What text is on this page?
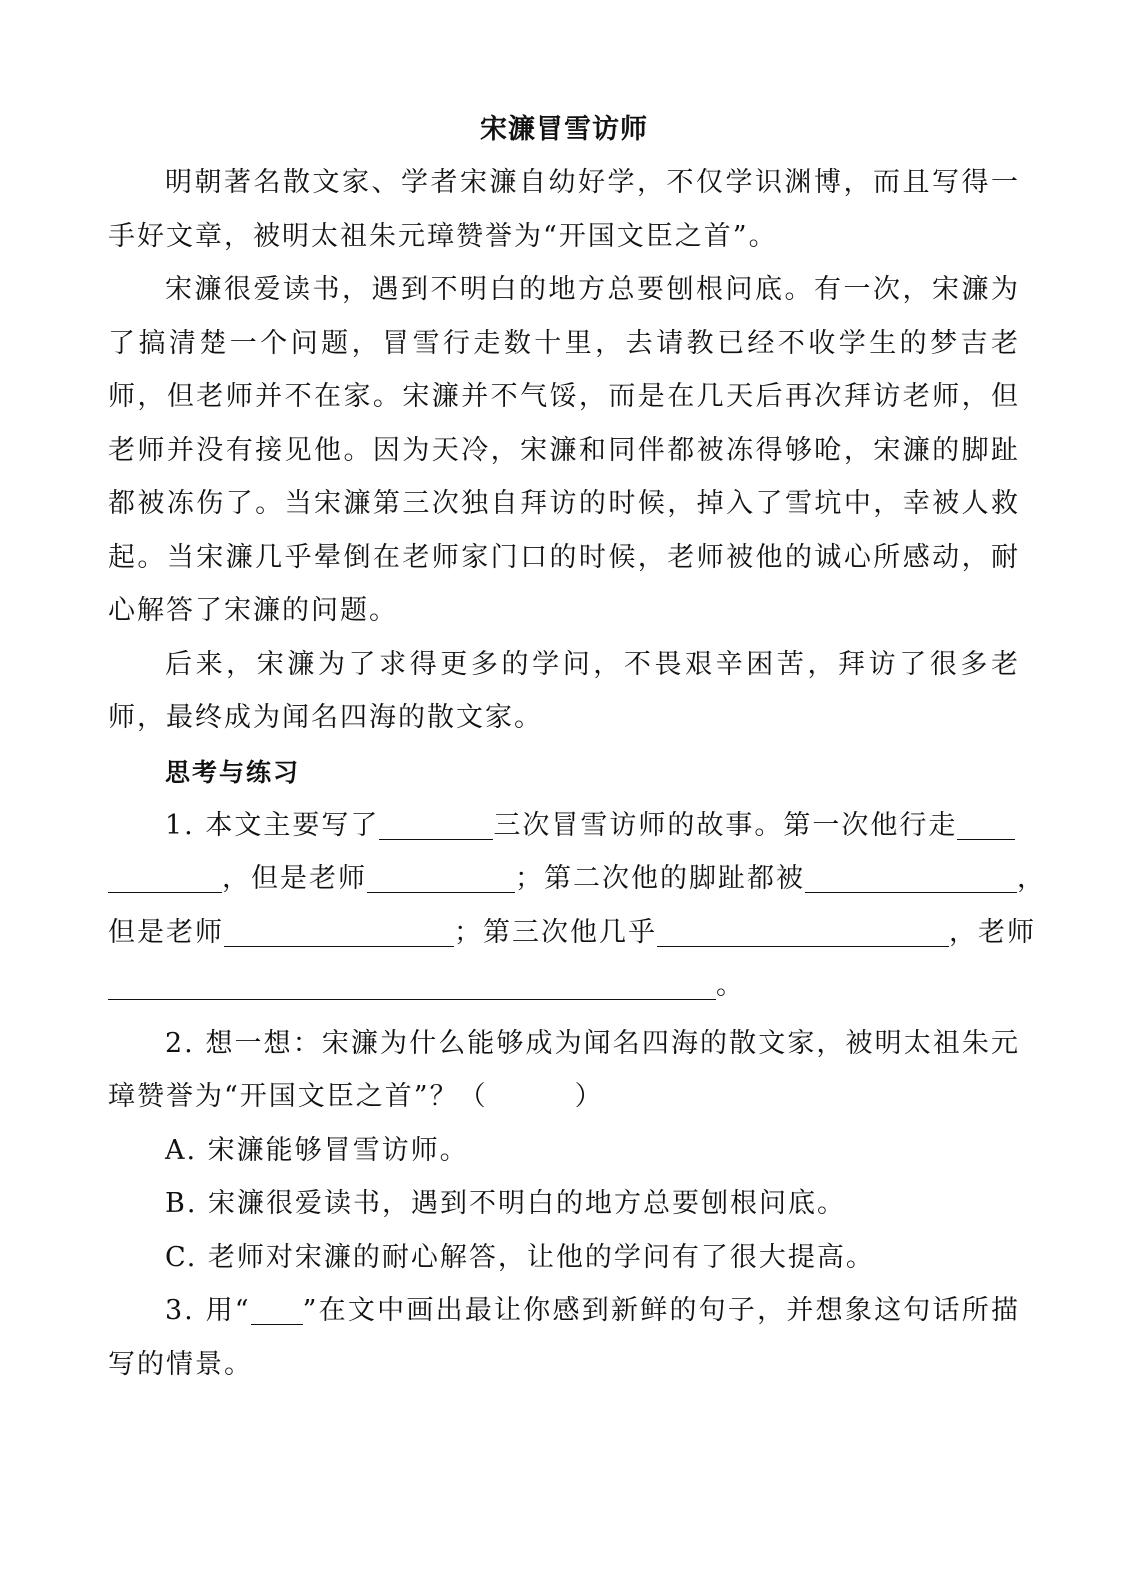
宋濂冒雪访师

明朝著名散文家、学者宋濂自幼好学，不仅学识渊博，而且写得一手好文章，被明太祖朱元璋赞誉为“开国文臣之首”。

宋濂很爱读书，遇到不明白的地方总要刨根问底。有一次，宋濂为了搞清楚一个问题，冒雪行走数十里，去请教已经不收学生的梦吉老师，但老师并不在家。宋濂并不气馁，而是在几天后再次拜访老师，但老师并没有接见他。因为天冷，宋濂和同伴都被冻得够呛，宋濂的脚趾都被冻伤了。当宋濂第三次独自拜访的时候，掉入了雪坑中，幸被人救起。当宋濂几乎晕倒在老师家门口的时候，老师被他的诚心所感动，耐心解答了宋濂的问题。

后来，宋濂为了求得更多的学问，不畏艰辛困苦，拜访了很多老师，最终成为闻名四海的散文家。

思考与练习
1. 本文主要写了	三次冒雪访师的故事。第一次他行走
，但是老师	；第二次他的脚趾都被	，
但是老师	；第三次他几乎	，老师
。

2. 想一想：宋濂为什么能够成为闻名四海的散文家，被明太祖朱元璋赞誉为“开国文臣之首”？（　　　）

A. 宋濂能够冒雪访师。

B. 宋濂很爱读书，遇到不明白的地方总要刨根问底。

C. 老师对宋濂的耐心解答，让他的学问有了很大提高。

3. 用“ ”在文中画出最让你感到新鲜的句子，并想象这句话所描写的情景。
